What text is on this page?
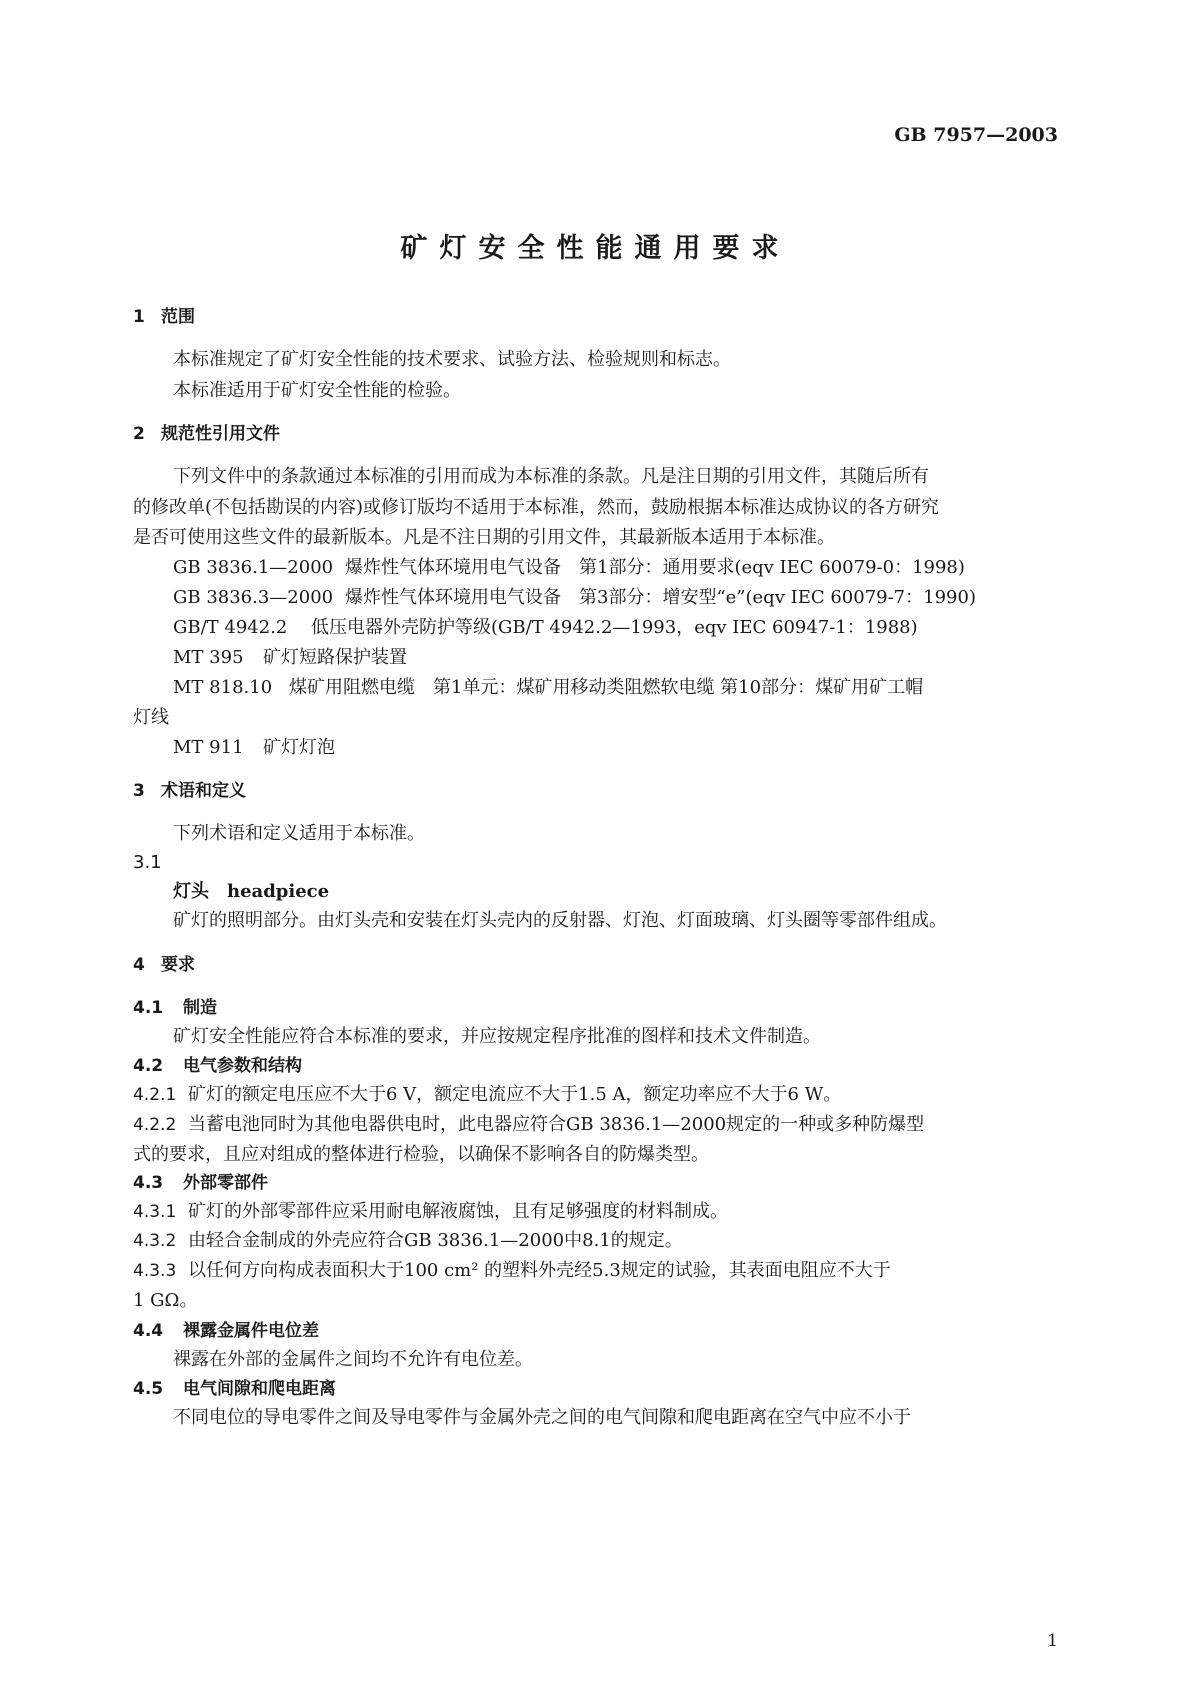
GB 7957—2003
矿灯安全性能通用要求
1 范围
本标准规定了矿灯安全性能的技术要求、试验方法、检验规则和标志。
本标准适用于矿灯安全性能的检验。
2 规范性引用文件
下列文件中的条款通过本标准的引用而成为本标准的条款。凡是注日期的引用文件，其随后所有
的修改单(不包括勘误的内容)或修订版均不适用于本标准，然而，鼓励根据本标准达成协议的各方研究
是否可使用这些文件的最新版本。凡是不注日期的引用文件，其最新版本适用于本标准。
GB 3836.1—2000 爆炸性气体环境用电气设备　第1部分：通用要求(eqv IEC 60079-0：1998)
GB 3836.3—2000 爆炸性气体环境用电气设备　第3部分：增安型“e”(eqv IEC 60079-7：1990)
GB/T 4942.2 低压电器外壳防护等级(GB/T 4942.2—1993，eqv IEC 60947-1：1988)
MT 395 矿灯短路保护装置
MT 818.10 煤矿用阻燃电缆　第1单元：煤矿用移动类阻燃软电缆 第10部分：煤矿用矿工帽
灯线
MT 911 矿灯灯泡
3 术语和定义
下列术语和定义适用于本标准。
3.1
灯头　headpiece
矿灯的照明部分。由灯头壳和安装在灯头壳内的反射器、灯泡、灯面玻璃、灯头圈等零部件组成。
4 要求
4.1 制造
矿灯安全性能应符合本标准的要求，并应按规定程序批准的图样和技术文件制造。
4.2 电气参数和结构
4.2.1 矿灯的额定电压应不大于6 V，额定电流应不大于1.5 A，额定功率应不大于6 W。
4.2.2 当蓄电池同时为其他电器供电时，此电器应符合GB 3836.1—2000规定的一种或多种防爆型
式的要求，且应对组成的整体进行检验，以确保不影响各自的防爆类型。
4.3 外部零部件
4.3.1 矿灯的外部零部件应采用耐电解液腐蚀，且有足够强度的材料制成。
4.3.2 由轻合金制成的外壳应符合GB 3836.1—2000中8.1的规定。
4.3.3 以任何方向构成表面积大于100 cm² 的塑料外壳经5.3规定的试验，其表面电阻应不大于
1 GΩ。
4.4 裸露金属件电位差
裸露在外部的金属件之间均不允许有电位差。
4.5 电气间隙和爬电距离
不同电位的导电零件之间及导电零件与金属外壳之间的电气间隙和爬电距离在空气中应不小于
1
